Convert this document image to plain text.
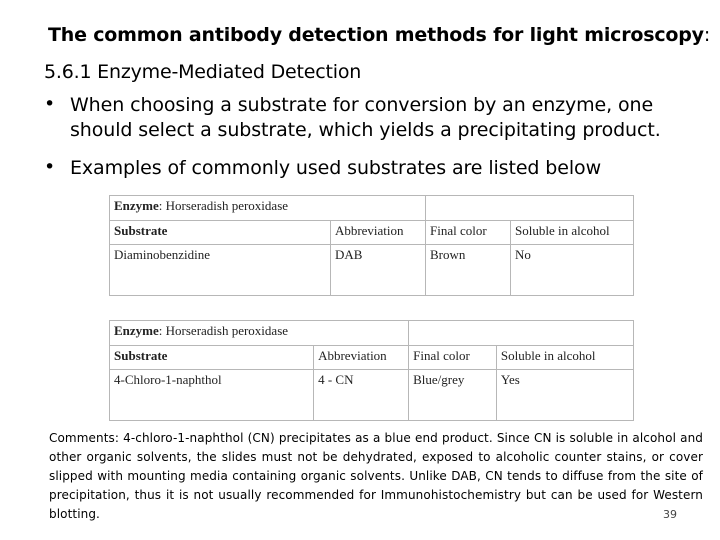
The common antibody detection methods for light microscopy:
5.6.1 Enzyme-Mediated Detection
• When choosing a substrate for conversion by an enzyme, one should select a substrate, which yields a precipitating product.
• Examples of commonly used substrates are listed below
Enzyme: Horseradish peroxidase			
Substrate	Abbreviation	Final color	Soluble in alcohol
Diaminobenzidine	DAB	Brown	No
Enzyme: Horseradish peroxidase			
Substrate	Abbreviation	Final color	Soluble in alcohol
4-Chloro-1-naphthol	4 - CN	Blue/grey	Yes
Comments: 4-chloro-1-naphthol (CN) precipitates as a blue end product. Since CN is soluble in alcohol and other organic solvents, the slides must not be dehydrated, exposed to alcoholic counter stains, or cover slipped with mounting media containing organic solvents. Unlike DAB, CN tends to diffuse from the site of precipitation, thus it is not usually recommended for Immunohistochemistry but can be used for Western blotting.	39
